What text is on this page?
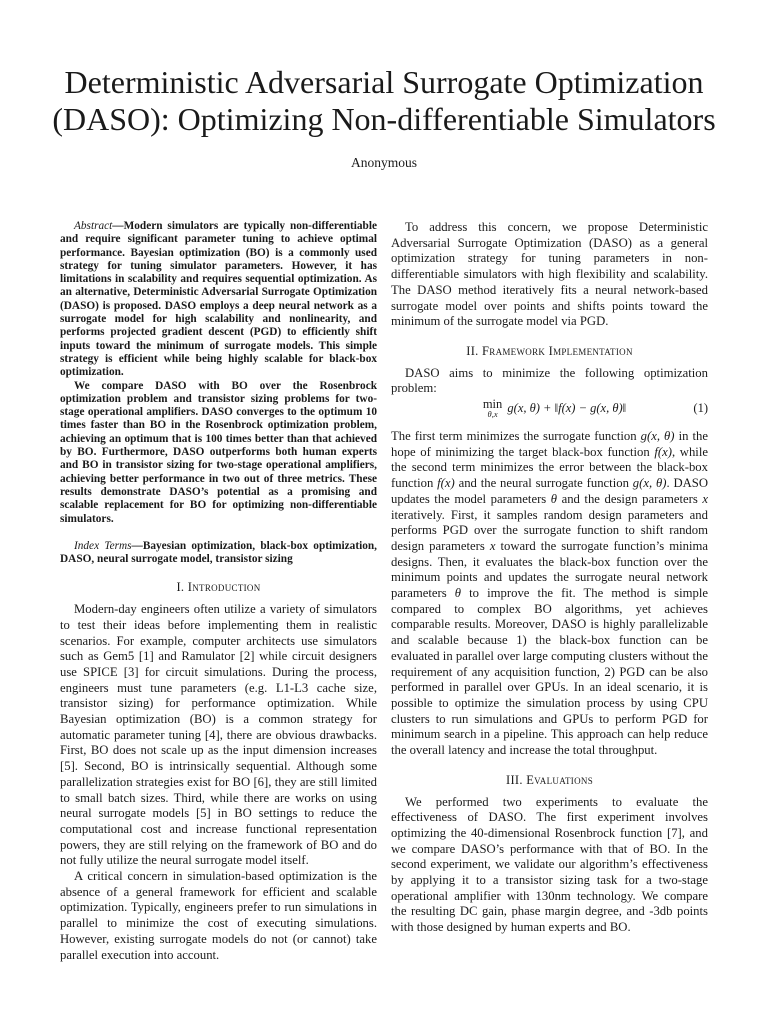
Deterministic Adversarial Surrogate Optimization (DASO): Optimizing Non-differentiable Simulators
Anonymous

Abstract—Modern simulators are typically non-differentiable and require significant parameter tuning to achieve optimal performance. Bayesian optimization (BO) is a commonly used strategy for tuning simulator parameters. However, it has limitations in scalability and requires sequential optimization. As an alternative, Deterministic Adversarial Surrogate Optimization (DASO) is proposed. DASO employs a deep neural network as a surrogate model for high scalability and nonlinearity, and performs projected gradient descent (PGD) to efficiently shift inputs toward the minimum of surrogate models. This simple strategy is efficient while being highly scalable for black-box optimization.

We compare DASO with BO over the Rosenbrock optimization problem and transistor sizing problems for two-stage operational amplifiers. DASO converges to the optimum 10 times faster than BO in the Rosenbrock optimization problem, achieving an optimum that is 100 times better than that achieved by BO. Furthermore, DASO outperforms both human experts and BO in transistor sizing for two-stage operational amplifiers, achieving better performance in two out of three metrics. These results demonstrate DASO’s potential as a promising and scalable replacement for BO for optimizing non-differentiable simulators.

Index Terms—Bayesian optimization, black-box optimization, DASO, neural surrogate model, transistor sizing

I. Introduction

Modern-day engineers often utilize a variety of simulators to test their ideas before implementing them in realistic scenarios. For example, computer architects use simulators such as Gem5 [1] and Ramulator [2] while circuit designers use SPICE [3] for circuit simulations. During the process, engineers must tune parameters (e.g. L1-L3 cache size, transistor sizing) for performance optimization. While Bayesian optimization (BO) is a common strategy for automatic parameter tuning [4], there are obvious drawbacks. First, BO does not scale up as the input dimension increases [5]. Second, BO is intrinsically sequential. Although some parallelization strategies exist for BO [6], they are still limited to small batch sizes. Third, while there are works on using neural surrogate models [5] in BO settings to reduce the computational cost and increase functional representation powers, they are still relying on the framework of BO and do not fully utilize the neural surrogate model itself.

A critical concern in simulation-based optimization is the absence of a general framework for efficient and scalable optimization. Typically, engineers prefer to run simulations in parallel to minimize the cost of executing simulations. However, existing surrogate models do not (or cannot) take parallel execution into account.

To address this concern, we propose Deterministic Adversarial Surrogate Optimization (DASO) as a general optimization strategy for tuning parameters in non-differentiable simulators with high flexibility and scalability. The DASO method iteratively fits a neural network-based surrogate model over points and shifts points toward the minimum of the surrogate model via PGD.

II. Framework Implementation

DASO aims to minimize the following optimization problem:

min
θ,x g(x, θ) + ‖f(x) − g(x, θ)‖	(1)

The first term minimizes the surrogate function g(x, θ) in the hope of minimizing the target black-box function f(x), while the second term minimizes the error between the black-box function f(x) and the neural surrogate function g(x, θ). DASO updates the model parameters θ and the design parameters x iteratively. First, it samples random design parameters and performs PGD over the surrogate function to shift random design parameters x toward the surrogate function’s minima designs. Then, it evaluates the black-box function over the minimum points and updates the surrogate neural network parameters θ to improve the fit. The method is simple compared to complex BO algorithms, yet achieves comparable results. Moreover, DASO is highly parallelizable and scalable because 1) the black-box function can be evaluated in parallel over large computing clusters without the requirement of any acquisition function, 2) PGD can be also performed in parallel over GPUs. In an ideal scenario, it is possible to optimize the simulation process by using CPU clusters to run simulations and GPUs to perform PGD for minimum search in a pipeline. This approach can help reduce the overall latency and increase the total throughput.

III. Evaluations

We performed two experiments to evaluate the effectiveness of DASO. The first experiment involves optimizing the 40-dimensional Rosenbrock function [7], and we compare DASO’s performance with that of BO. In the second experiment, we validate our algorithm’s effectiveness by applying it to a transistor sizing task for a two-stage operational amplifier with 130nm technology. We compare the resulting DC gain, phase margin degree, and -3db points with those designed by human experts and BO.
